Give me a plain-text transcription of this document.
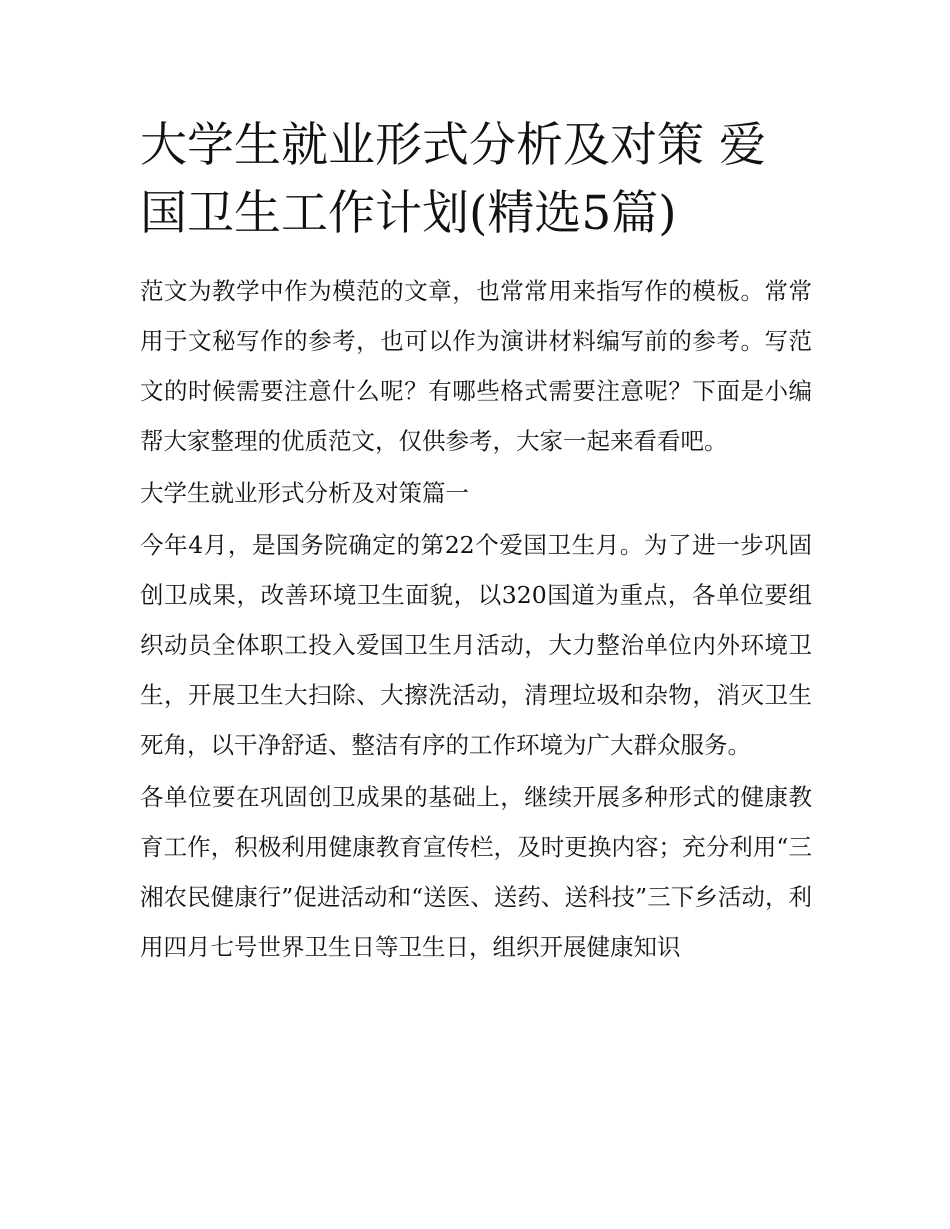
大学生就业形式分析及对策 爱国卫生工作计划(精选5篇)

范文为教学中作为模范的文章，也常常用来指写作的模板。常常用于文秘写作的参考，也可以作为演讲材料编写前的参考。写范文的时候需要注意什么呢？有哪些格式需要注意呢？下面是小编帮大家整理的优质范文，仅供参考，大家一起来看看吧。

大学生就业形式分析及对策篇一

今年4月，是国务院确定的第22个爱国卫生月。为了进一步巩固创卫成果，改善环境卫生面貌，以320国道为重点，各单位要组织动员全体职工投入爱国卫生月活动，大力整治单位内外环境卫生，开展卫生大扫除、大擦洗活动，清理垃圾和杂物，消灭卫生死角，以干净舒适、整洁有序的工作环境为广大群众服务。

各单位要在巩固创卫成果的基础上，继续开展多种形式的健康教育工作，积极利用健康教育宣传栏，及时更换内容；充分利用“三湘农民健康行”促进活动和“送医、送药、送科技”三下乡活动，利用四月七号世界卫生日等卫生日，组织开展健康知识
